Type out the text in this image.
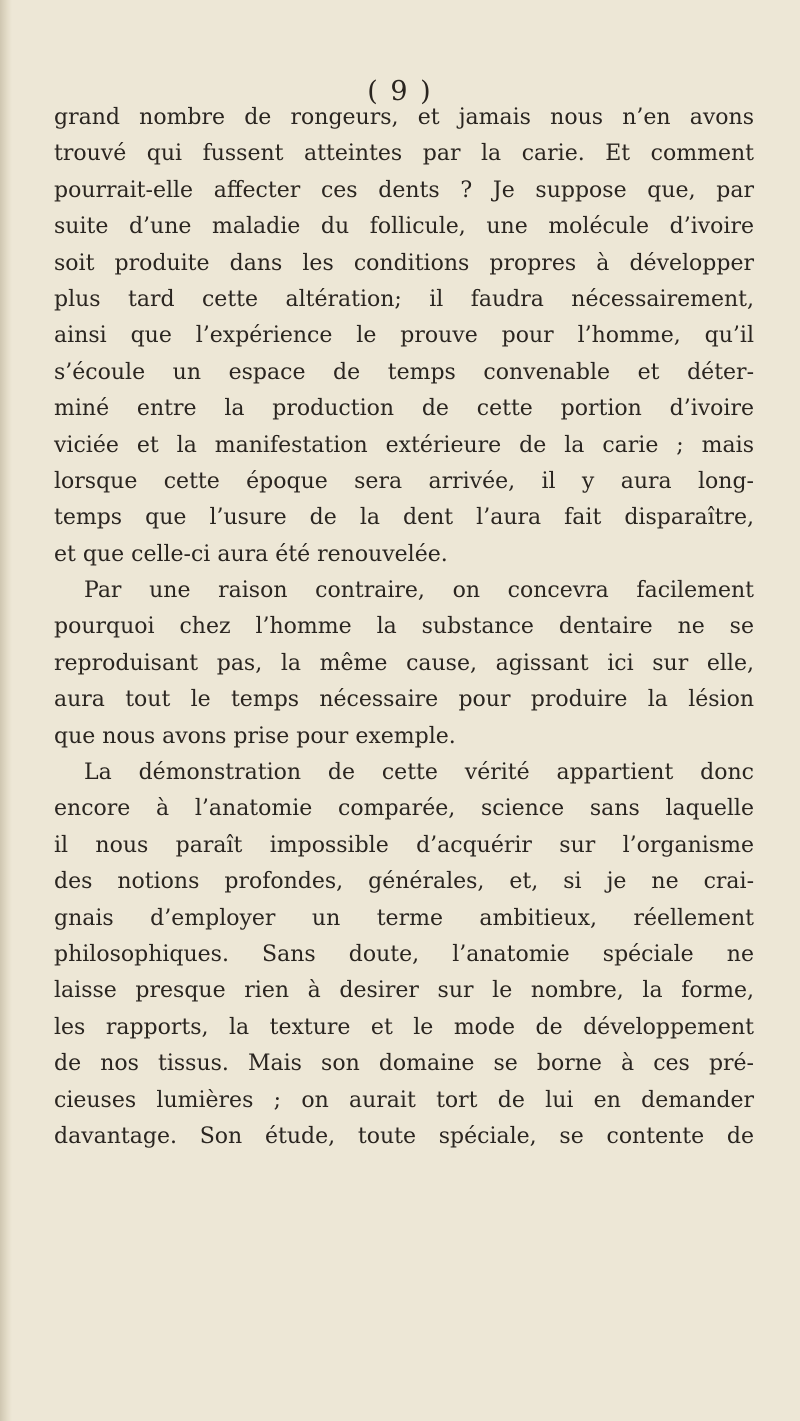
( 9 )
grand nombre de rongeurs, et jamais nous n’en avons
trouvé qui fussent atteintes par la carie. Et comment
pourrait-elle affecter ces dents ? Je suppose que, par
suite d’une maladie du follicule, une molécule d’ivoire
soit produite dans les conditions propres à développer
plus tard cette altération; il faudra nécessairement,
ainsi que l’expérience le prouve pour l’homme, qu’il
s’écoule un espace de temps convenable et déter-
miné entre la production de cette portion d’ivoire
viciée et la manifestation extérieure de la carie ; mais
lorsque cette époque sera arrivée, il y aura long-
temps que l’usure de la dent l’aura fait disparaître,
et que celle-ci aura été renouvelée.
Par une raison contraire, on concevra facilement
pourquoi chez l’homme la substance dentaire ne se
reproduisant pas, la même cause, agissant ici sur elle,
aura tout le temps nécessaire pour produire la lésion
que nous avons prise pour exemple.
La démonstration de cette vérité appartient donc
encore à l’anatomie comparée, science sans laquelle
il nous paraît impossible d’acquérir sur l’organisme
des notions profondes, générales, et, si je ne crai-
gnais d’employer un terme ambitieux, réellement
philosophiques. Sans doute, l’anatomie spéciale ne
laisse presque rien à desirer sur le nombre, la forme,
les rapports, la texture et le mode de développement
de nos tissus. Mais son domaine se borne à ces pré-
cieuses lumières ; on aurait tort de lui en demander
davantage. Son étude, toute spéciale, se contente de
